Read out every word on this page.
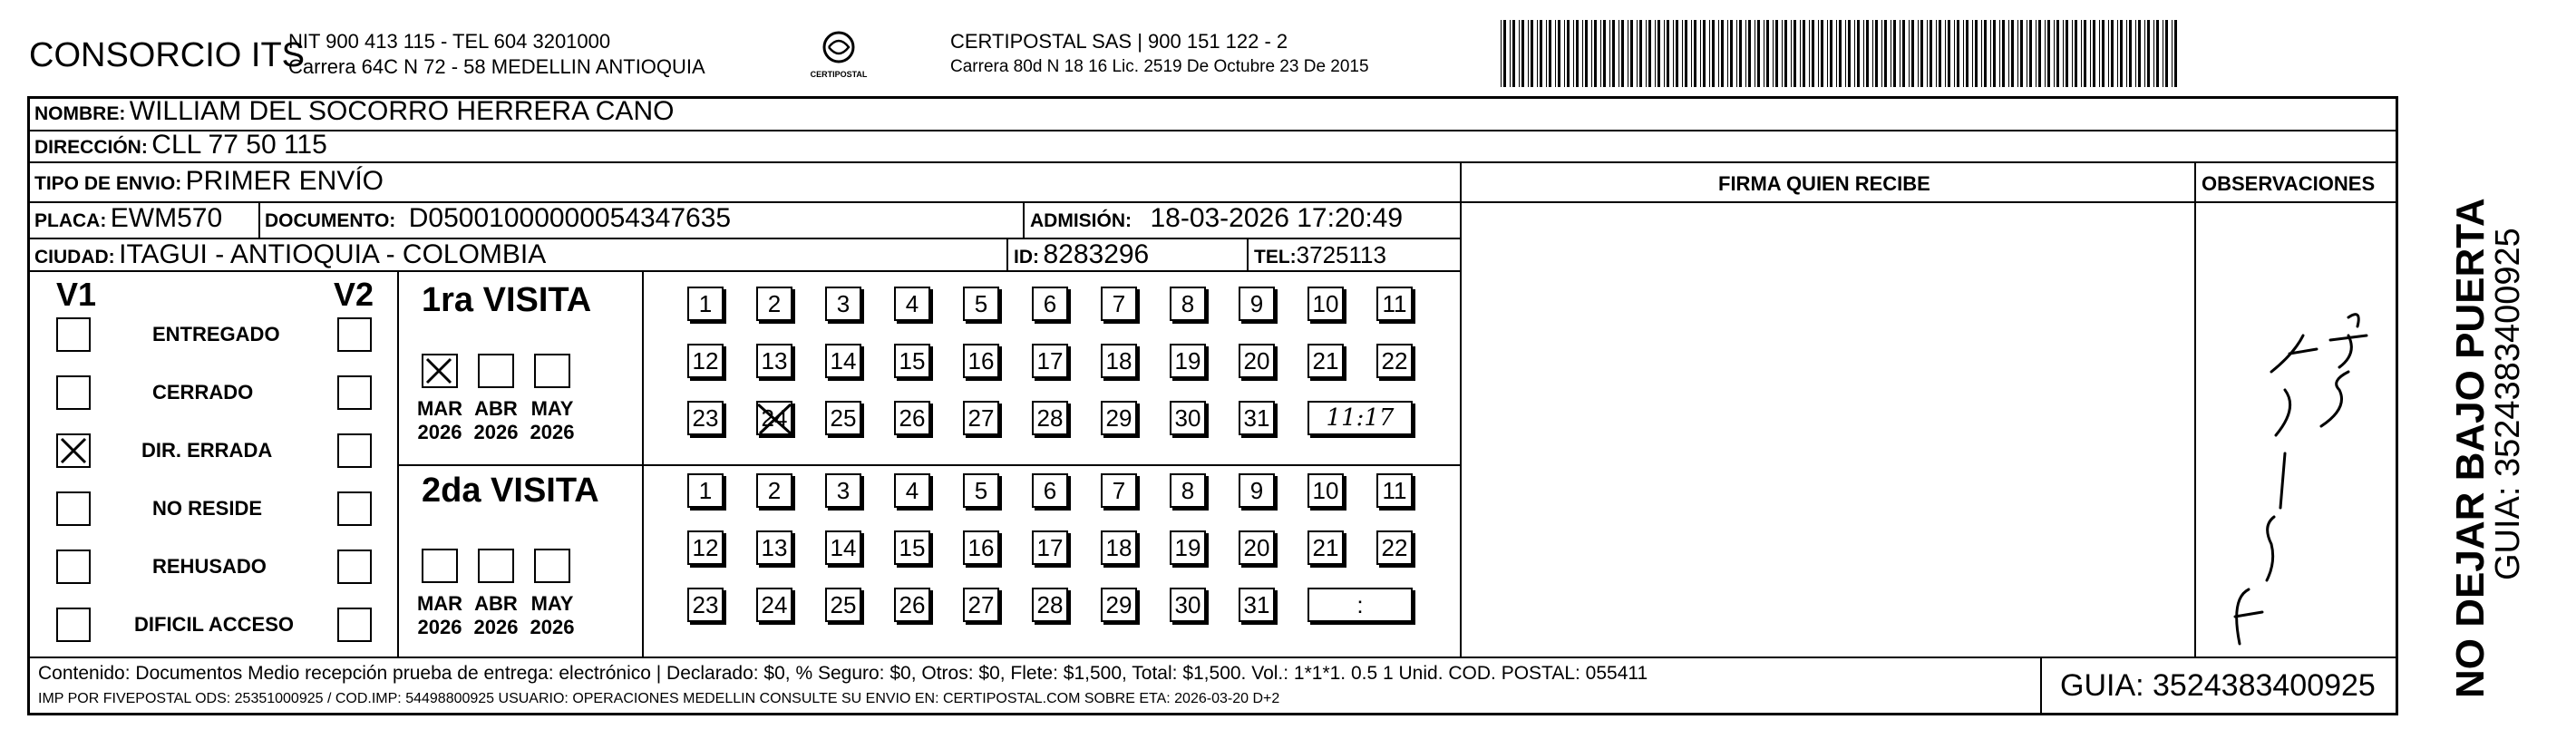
CONSORCIO ITS
NIT 900 413 115 - TEL 604 3201000
Carrera 64C N 72 - 58 MEDELLIN ANTIOQUIA	CERTIPOSTAL
CERTIPOSTAL SAS | 900 151 122 - 2
Carrera 80d N 18 16 Lic. 2519 De Octubre 23 De 2015
NOMBRE: WILLIAM DEL SOCORRO HERRERA CANO
DIRECCIÓN: CLL 77 50 115
TIPO DE ENVIO: PRIMER ENVÍO	FIRMA QUIEN RECIBE	OBSERVACIONES
PLACA: EWM570 DOCUMENTO: D05001000000054347635	ADMISIÓN: 18-03-2026 17:20:49
CIUDAD: ITAGUI - ANTIOQUIA - COLOMBIA	ID: 8283296	TEL:3725113
V1	V2
ENTREGADO
CERRADO
DIR. ERRADA
NO RESIDE
REHUSADO
DIFICIL ACCESO
1ra VISITA
MAR
2026
ABR
2026
MAY
2026
1 2 3 4 5 6 7 8 9 10 11
12 13 14 15 16 17 18 19 20 21 22
23 24 25 26 27 28 29 30 31 11:17
2da VISITA
MAR
2026
ABR
2026
MAY
2026
1 2 3 4 5 6 7 8 9 10 11
12 13 14 15 16 17 18 19 20 21 22
23 24 25 26 27 28 29 30 31	:
Contenido: Documentos Medio recepción prueba de entrega: electrónico | Declarado: $0, % Seguro: $0, Otros: $0, Flete: $1,500, Total: $1,500. Vol.: 1*1*1. 0.5 1 Unid. COD. POSTAL: 055411
IMP POR FIVEPOSTAL ODS: 25351000925 / COD.IMP: 54498800925 USUARIO: OPERACIONES MEDELLIN CONSULTE SU ENVIO EN: CERTIPOSTAL.COM SOBRE ETA: 2026-03-20 D+2	GUIA: 3524383400925 NO DEJAR BAJO PUERTA
GUIA: 3524383400925
